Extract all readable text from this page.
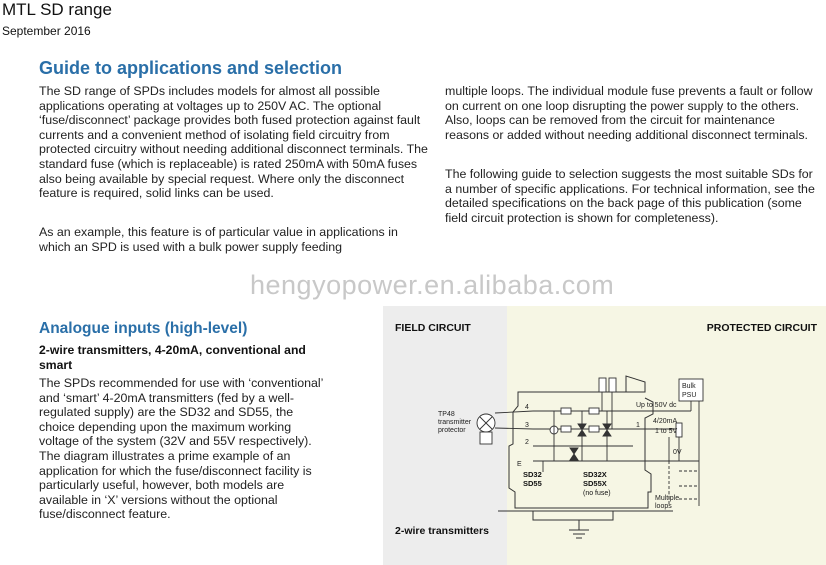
MTL SD range
September 2016
Guide to applications and selection

The SD range of SPDs includes models for almost all possible applications operating at voltages up to 250V AC. The optional ‘fuse/disconnect’ package provides both fused protection against fault currents and a convenient method of isolating field circuitry from protected circuitry without needing additional disconnect terminals. The standard fuse (which is replaceable) is rated 250mA with 50mA fuses also being available by special request. Where only the disconnect feature is required, solid links can be used.

As an example, this feature is of particular value in applications in which an SPD is used with a bulk power supply feeding

multiple loops. The individual module fuse prevents a fault or follow on current on one loop disrupting the power supply to the others. Also, loops can be removed from the circuit for maintenance reasons or added without needing additional disconnect terminals.

The following guide to selection suggests the most suitable SDs for a number of specific applications. For technical information, see the detailed specifications on the back page of this publication (some field circuit protection is shown for completeness).

hengyopower.en.alibaba.com
Analogue inputs (high-level)
2-wire transmitters, 4-20mA, conventional and smart

The SPDs recommended for use with ‘conventional’ and ‘smart’ 4-20mA transmitters (fed by a well-regulated supply) are the SD32 and SD55, the choice depending upon the maximum working voltage of the system (32V and 55V respectively). The diagram illustrates a prime example of an application for which the fuse/disconnect facility is particularly useful, however, both models are available in ‘X’ versions without the optional fuse/disconnect feature.

FIELD CIRCUIT	PROTECTED CIRCUIT
TP48
transmitter
protector
4
3
2
1
E
Bulk
PSU
Up to 50V dc
4/20mA
1 to 5V
0V
Multiple
loops
SD32
SD55
SD32X
SD55X
(no fuse)
2-wire transmitters
